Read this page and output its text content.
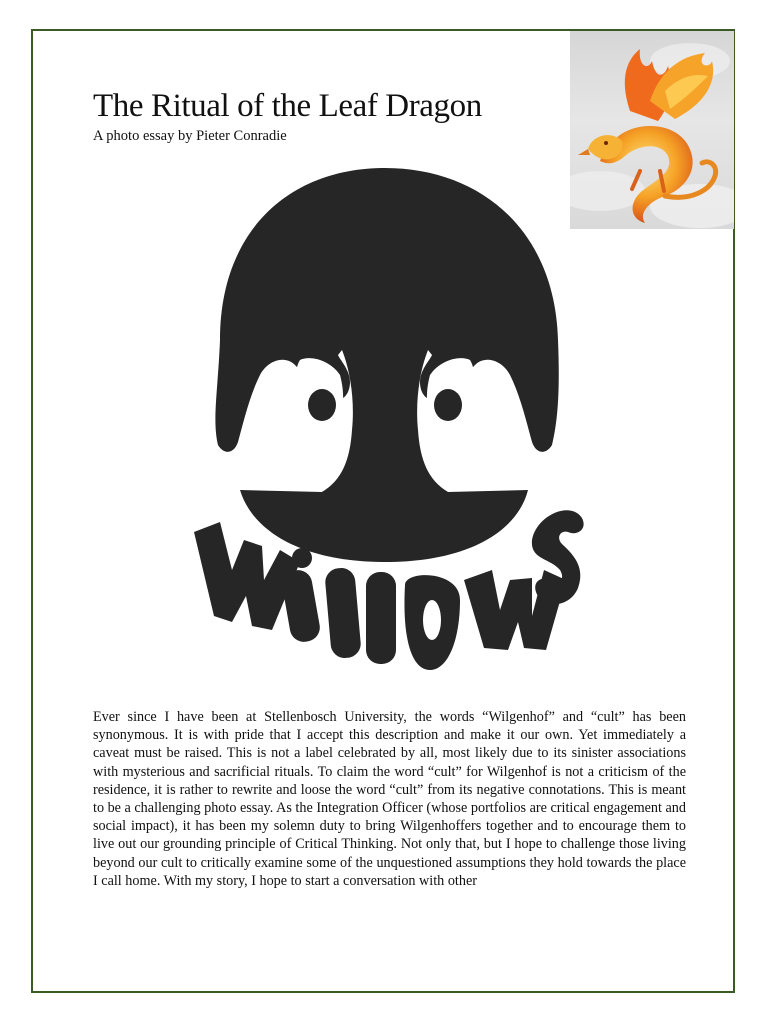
The Ritual of the Leaf Dragon
A photo essay by Pieter Conradie
Ever since I have been at Stellenbosch University, the words “Wilgenhof” and “cult” has been synonymous. It is with pride that I accept this description and make it our own. Yet immediately a caveat must be raised. This is not a label celebrated by all, most likely due to its sinister associations with mysterious and sacrificial rituals. To claim the word “cult” for Wilgenhof is not a criticism of the residence, it is rather to rewrite and loose the word “cult” from its negative connotations. This is meant to be a challenging photo essay. As the Integration Officer (whose portfolios are critical engagement and social impact), it has been my solemn duty to bring Wilgenhoffers together and to encourage them to live out our grounding principle of Critical Thinking. Not only that, but I hope to challenge those living beyond our cult to critically examine some of the unquestioned assumptions they hold towards the place I call home. With my story, I hope to start a conversation with other
